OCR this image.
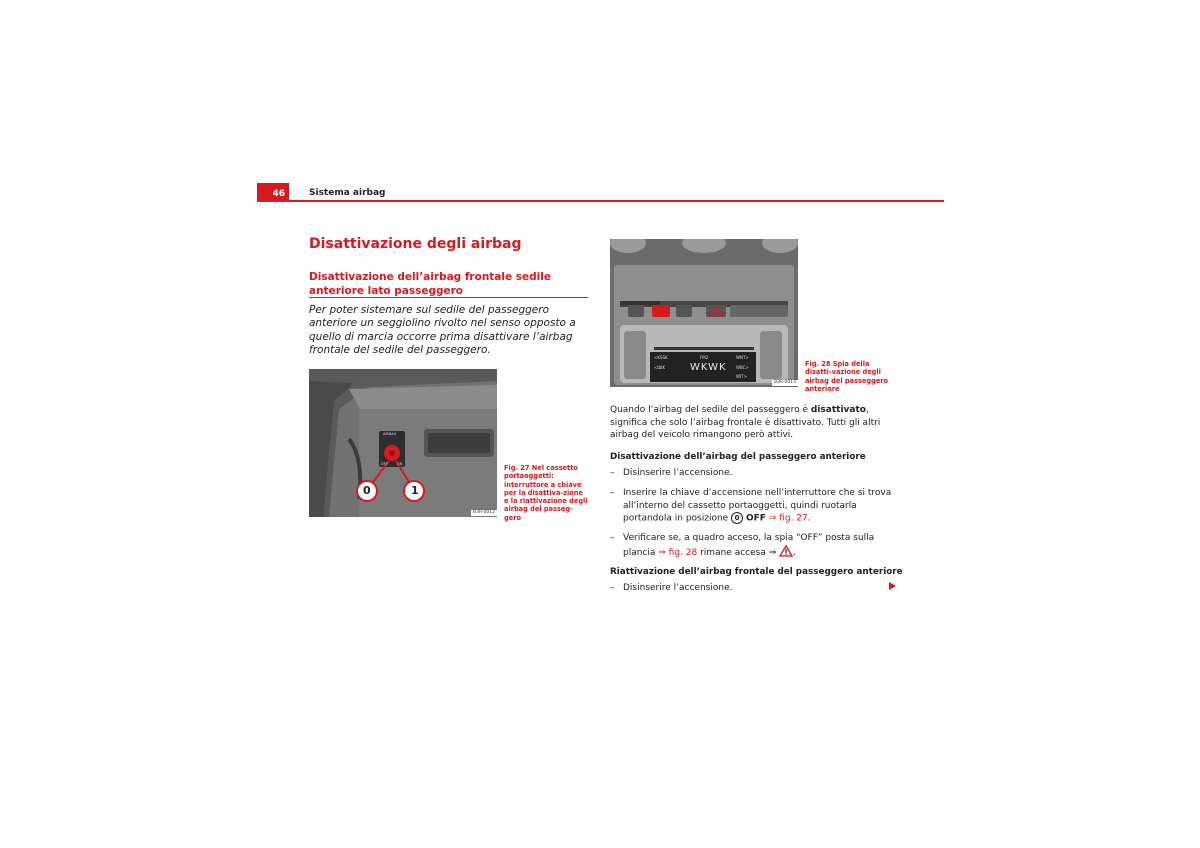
46	Sistema airbag
Disattivazione degli airbag
Disattivazione dell’airbag frontale sedile anteriore lato passeggero
Per poter sistemare sul sedile del passeggero anteriore un seggiolino rivolto nel senso opposto a quello di marcia occorre prima disattivare l’airbag frontale del sedile del passeggero.
AIRBAG
OFF	ON
0	1
B3R-0012
Fig. 27 Nel cassetto portaoggetti: interruttore a chiave per la disattiva-zione e la riattivazione degli airbag del passeg-gero
WKWK
<KSSK
<ΙΔΙΚ
FM2	WNT>
WBC>
WIT>
B3R-0013
Fig. 28 Spia della disatti-vazione degli airbag del passeggero anteriore
Quando l’airbag del sedile del passeggero è disattivato, significa che solo l’airbag frontale è disattivato. Tutti gli altri airbag del veicolo rimangono però attivi.
Disattivazione dell’airbag del passeggero anteriore
– Disinserire l’accensione.
– Inserire la chiave d’accensione nell’interruttore che si trova all’interno del cassetto portaoggetti, quindi ruotarla portandola in posizione 0 OFF ⇒ fig. 27.
– Verificare se, a quadro acceso, la spia “OFF” posta sulla plancia ⇒ fig. 28 rimane accesa ⇒ .
Riattivazione dell’airbag frontale del passeggero anteriore
– Disinserire l’accensione.
